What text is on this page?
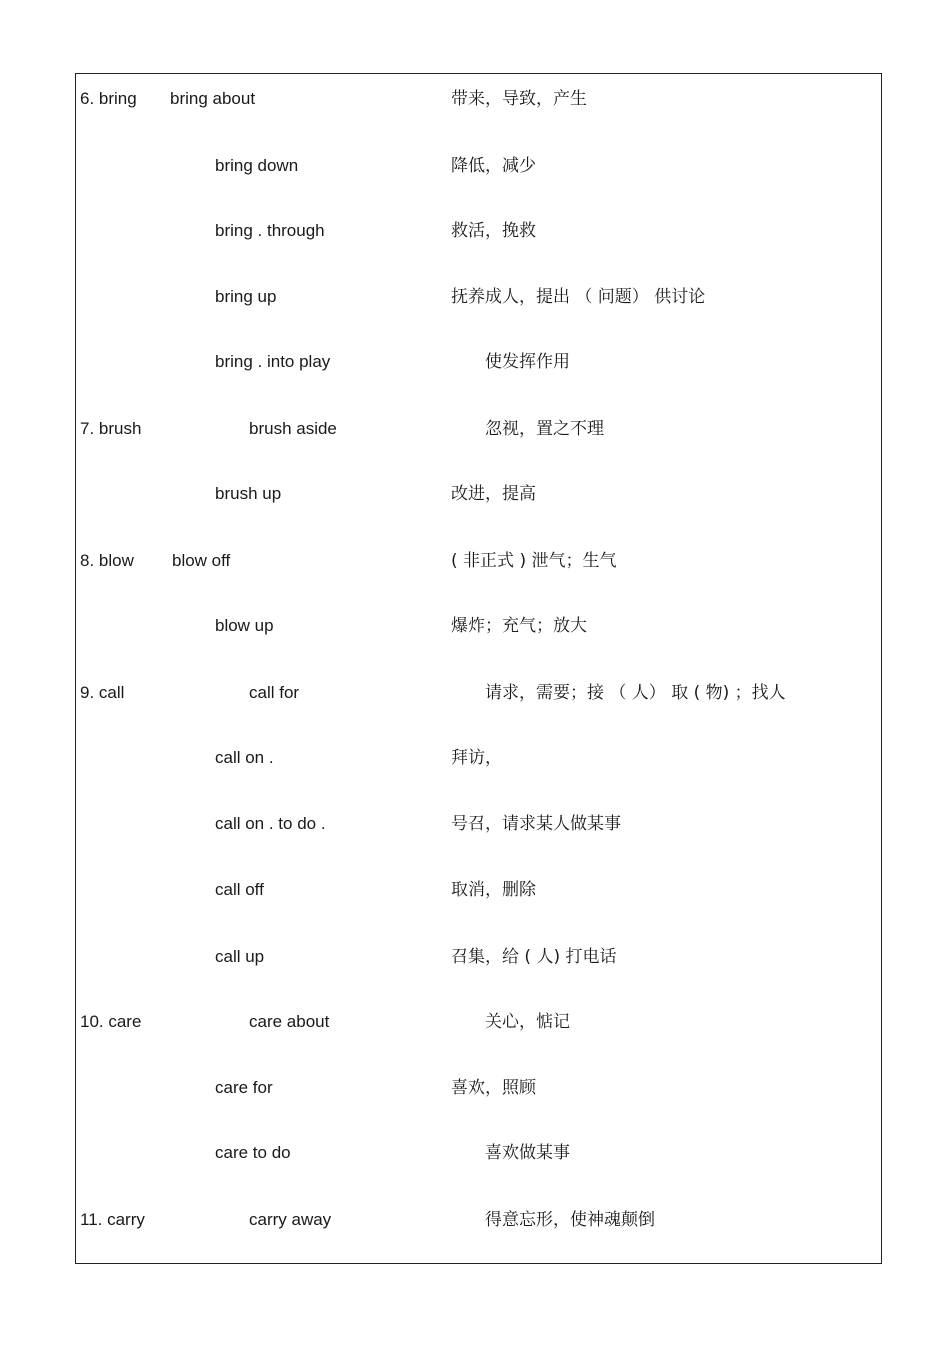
6. bring bring about	带来，导致，产生
bring down	降低，减少
bring . through	救活，挽救
bring up	抚养成人，提出 （ 问题） 供讨论
bring . into play	使发挥作用
7. brush	brush aside	忽视，置之不理
brush up	改进，提高
8. blow blow off	( 非正式 ) 泄气；生气
blow up	爆炸；充气；放大
9. call	call for	请求，需要；接 （ 人） 取 ( 物) ；找人
call on .	拜访，
call on . to do .	号召，请求某人做某事
call off	取消，删除
call up	召集，给 ( 人) 打电话
10. care	care about	关心，惦记
care for	喜欢，照顾
care to do	喜欢做某事
11. carry	carry away	得意忘形，使神魂颠倒
